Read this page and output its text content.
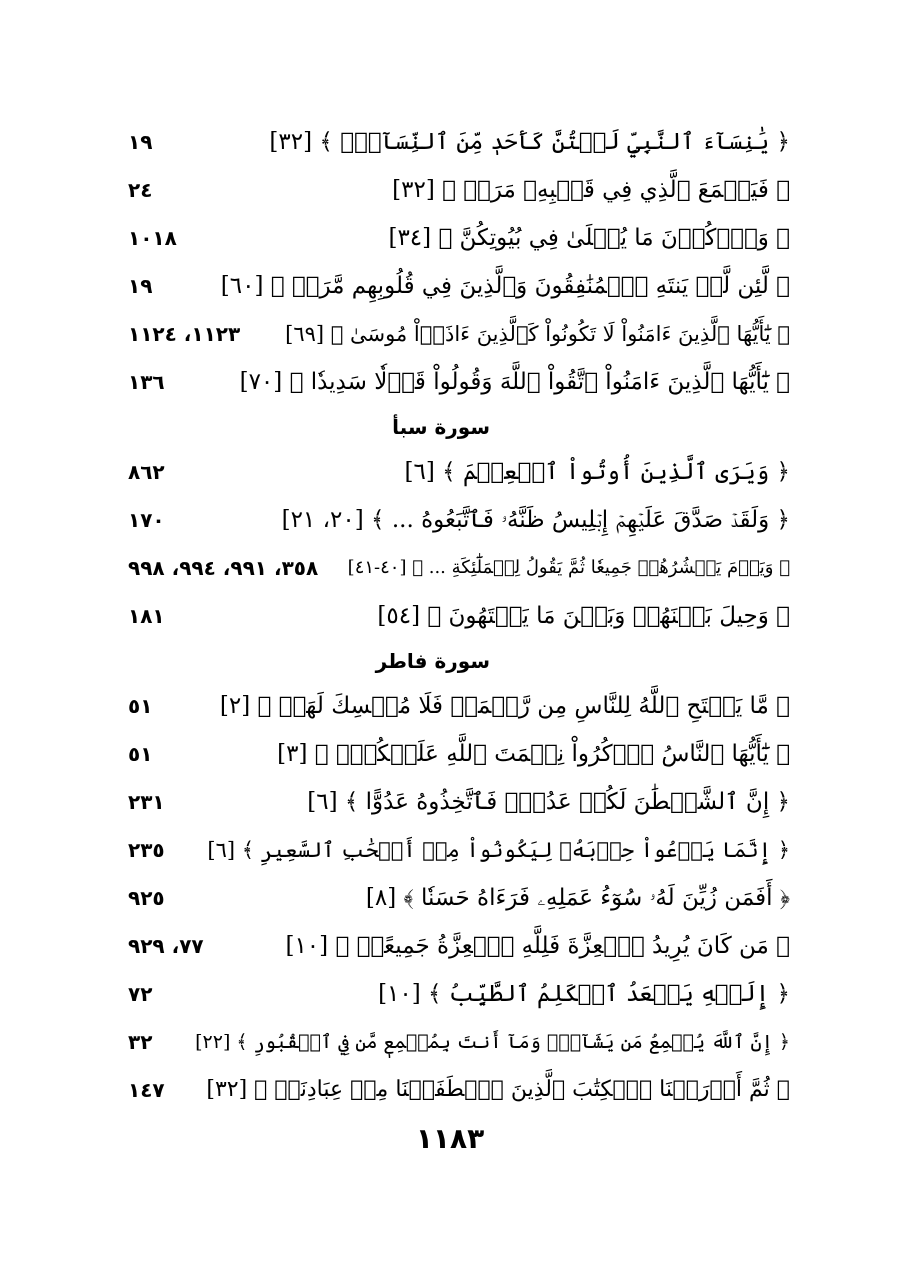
﴿ يَٰنِسَآءَ ٱلنَّبِيِّ لَسۡتُنَّ كَأَحَدٖ مِّنَ ٱلنِّسَآءِۚ ﴾ [٣٢]
١٩
﴿ فَيَطۡمَعَ ٱلَّذِي فِي قَلۡبِهِۦ مَرَضٞ ﴾ [٣٢]
٢٤
﴿ وَٱذۡكُرۡنَ مَا يُتۡلَىٰ فِي بُيُوتِكُنَّ ﴾ [٣٤]
١٠١٨
﴿ لَّئِن لَّمۡ يَنتَهِ ٱلۡمُنَٰفِقُونَ وَٱلَّذِينَ فِي قُلُوبِهِم مَّرَضٞ ﴾ [٦٠]
١٩
﴿ يَٰٓأَيُّهَا ٱلَّذِينَ ءَامَنُواْ لَا تَكُونُواْ كَٱلَّذِينَ ءَاذَوۡاْ مُوسَىٰ ﴾ [٦٩]
١١٢٣، ١١٢٤
﴿ يَٰٓأَيُّهَا ٱلَّذِينَ ءَامَنُواْ ٱتَّقُواْ ٱللَّهَ وَقُولُواْ قَوۡلٗا سَدِيدٗا ﴾ [٧٠]
١٣٦
سورة سبأ
﴿ وَيَرَى ٱلَّذِينَ أُوتُواْ ٱلۡعِلۡمَ ﴾ [٦]
٨٦٢
﴿ وَلَقَدۡ صَدَّقَ عَلَيۡهِمۡ إِبۡلِيسُ ظَنَّهُۥ فَٱتَّبَعُوهُ ... ﴾ [٢٠، ٢١]
١٧٠
﴿ وَيَوۡمَ يَحۡشُرُهُمۡ جَمِيعٗا ثُمَّ يَقُولُ لِلۡمَلَٰٓئِكَةِ ... ﴾ [٤٠-٤١]
٣٥٨، ٩٩١، ٩٩٤، ٩٩٨
﴿ وَحِيلَ بَيۡنَهُمۡ وَبَيۡنَ مَا يَشۡتَهُونَ ﴾ [٥٤]
١٨١
سورة فاطر
﴿ مَّا يَفۡتَحِ ٱللَّهُ لِلنَّاسِ مِن رَّحۡمَةٖ فَلَا مُمۡسِكَ لَهَاۖ ﴾ [٢]
٥١
﴿ يَٰٓأَيُّهَا ٱلنَّاسُ ٱذۡكُرُواْ نِعۡمَتَ ٱللَّهِ عَلَيۡكُمۡۚ ﴾ [٣]
٥١
﴿ إِنَّ ٱلشَّيۡطَٰنَ لَكُمۡ عَدُوّٞ فَٱتَّخِذُوهُ عَدُوًّا ﴾ [٦]
٢٣١
﴿ إِنَّمَا يَدۡعُواْ حِزۡبَهُۥ لِيَكُونُواْ مِنۡ أَصۡحَٰبِ ٱلسَّعِيرِ ﴾ [٦]
٢٣٥
﴿ أَفَمَن زُيِّنَ لَهُۥ سُوٓءُ عَمَلِهِۦ فَرَءَاهُ حَسَنٗا ﴾ [٨]
٩٢٥
﴿ مَن كَانَ يُرِيدُ ٱلۡعِزَّةَ فَلِلَّهِ ٱلۡعِزَّةُ جَمِيعًاۚ ﴾ [١٠]
٧٧، ٩٢٩
﴿ إِلَيۡهِ يَصۡعَدُ ٱلۡكَلِمُ ٱلطَّيِّبُ ﴾ [١٠]
٧٢
﴿ إِنَّ ٱللَّهَ يُسۡمِعُ مَن يَشَآءُۖ وَمَآ أَنتَ بِمُسۡمِعٖ مَّن فِي ٱلۡقُبُورِ ﴾ [٢٢]
٣٢
﴿ ثُمَّ أَوۡرَثۡنَا ٱلۡكِتَٰبَ ٱلَّذِينَ ٱصۡطَفَيۡنَا مِنۡ عِبَادِنَاۖ ﴾ [٣٢]
١٤٧
١١٨٣
